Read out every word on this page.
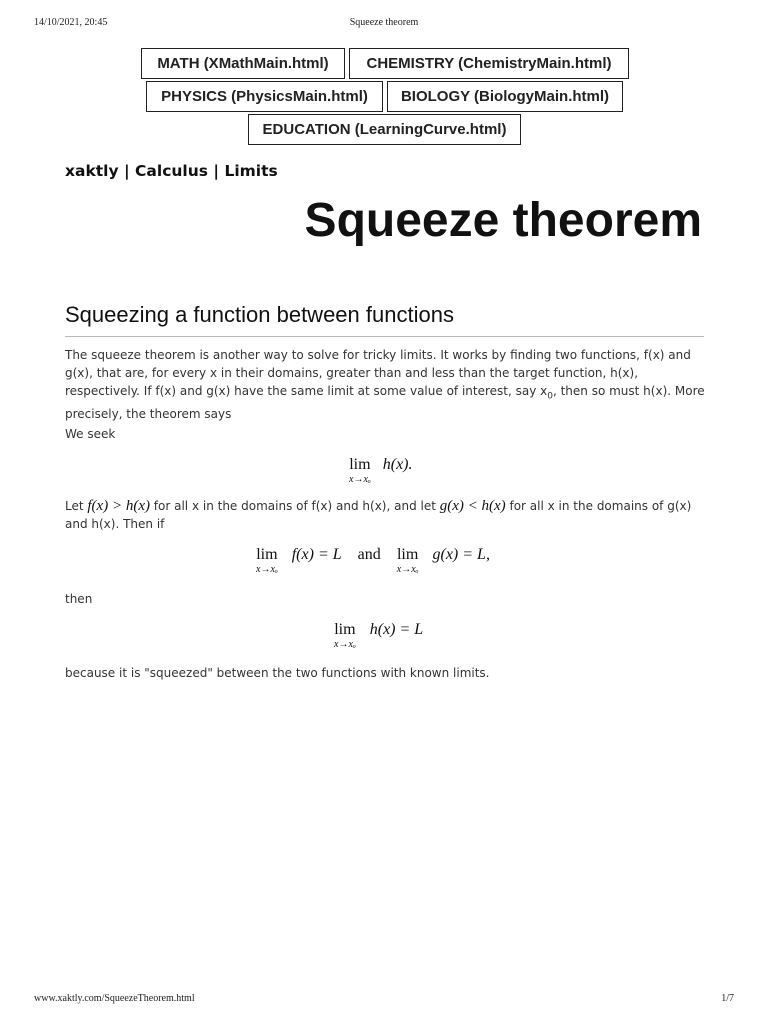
14/10/2021, 20:45	Squeeze theorem
MATH (XMathMain.html)	CHEMISTRY (ChemistryMain.html)
PHYSICS (PhysicsMain.html)	BIOLOGY (BiologyMain.html)
EDUCATION (LearningCurve.html)
xaktly | Calculus | Limits
Squeeze theorem
Squeezing a function between functions
The squeeze theorem is another way to solve for tricky limits. It works by finding two functions, f(x) and g(x), that are, for every x in their domains, greater than and less than the target function, h(x), respectively. If f(x) and g(x) have the same limit at some value of interest, say $x_0$, then so must h(x). More precisely, the theorem says
We seek
lim
x→xₒ
h(x).
Let f(x) > h(x) for all x in the domains of f(x) and h(x), and let g(x) < h(x) for all x in the domains of g(x) and h(x). Then if
lim
x→xₒ
f(x) = L and lim
x→xₒ
g(x) = L,
then
lim
x→xₒ
h(x) = L
because it is "squeezed" between the two functions with known limits.
www.xaktly.com/SqueezeTheorem.html	1/7
